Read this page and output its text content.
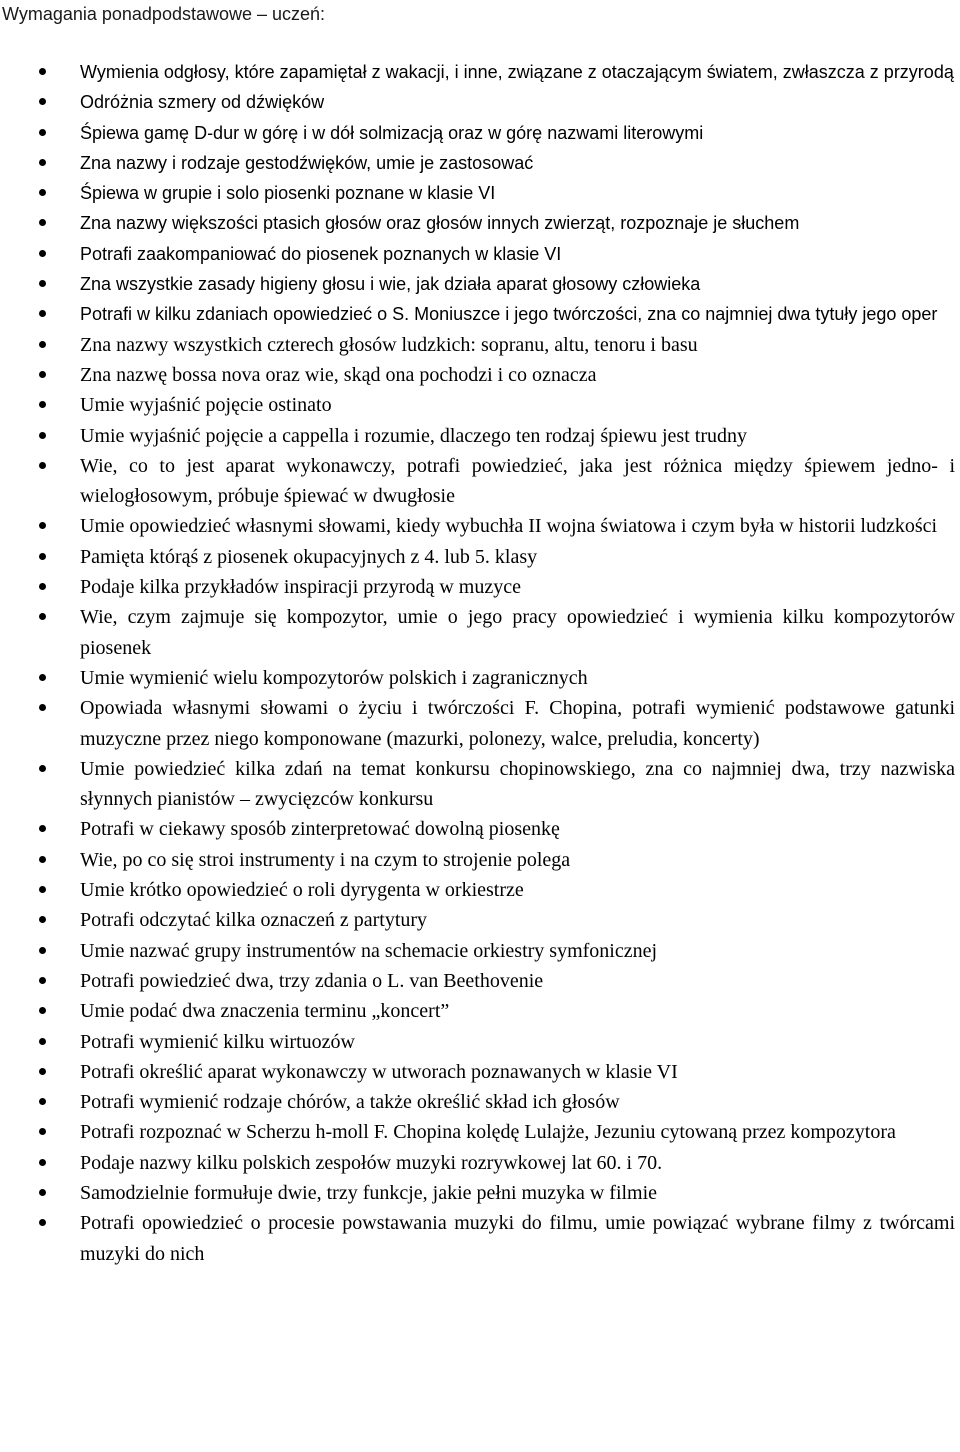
Wymagania ponadpodstawowe – uczeń:
Wymienia odgłosy, które zapamiętał z wakacji, i inne, związane z otaczającym światem, zwłaszcza z przyrodą
Odróżnia szmery od dźwięków
Śpiewa gamę D-dur w górę i w dół solmizacją oraz w górę nazwami literowymi
Zna nazwy i rodzaje gestodźwięków, umie je zastosować
Śpiewa w grupie i solo piosenki poznane w klasie VI
Zna nazwy większości ptasich głosów oraz głosów innych zwierząt, rozpoznaje je słuchem
Potrafi zaakompaniować do piosenek poznanych w klasie VI
Zna wszystkie zasady higieny głosu i wie, jak działa aparat głosowy człowieka
Potrafi w kilku zdaniach opowiedzieć o S. Moniuszce i jego twórczości, zna co najmniej dwa tytuły jego oper
Zna nazwy wszystkich czterech głosów ludzkich: sopranu, altu, tenoru i basu
Zna nazwę bossa nova oraz wie, skąd ona pochodzi i co oznacza
Umie wyjaśnić pojęcie ostinato
Umie wyjaśnić pojęcie a cappella i rozumie, dlaczego ten rodzaj śpiewu jest trudny
Wie, co to jest aparat wykonawczy, potrafi powiedzieć, jaka jest różnica między śpiewem jedno- i wielogłosowym, próbuje śpiewać w dwugłosie
Umie opowiedzieć własnymi słowami, kiedy wybuchła II wojna światowa i czym była w historii ludzkości
Pamięta którąś z piosenek okupacyjnych z 4. lub 5. klasy
Podaje kilka przykładów inspiracji przyrodą w muzyce
Wie, czym zajmuje się kompozytor, umie o jego pracy opowiedzieć i wymienia kilku kompozytorów piosenek
Umie wymienić wielu kompozytorów polskich i zagranicznych
Opowiada własnymi słowami o życiu i twórczości F. Chopina, potrafi wymienić podstawowe gatunki muzyczne przez niego komponowane (mazurki, polonezy, walce, preludia, koncerty)
Umie powiedzieć kilka zdań na temat konkursu chopinowskiego, zna co najmniej dwa, trzy nazwiska słynnych pianistów – zwycięzców konkursu
Potrafi w ciekawy sposób zinterpretować dowolną piosenkę
Wie, po co się stroi instrumenty i na czym to strojenie polega
Umie krótko opowiedzieć o roli dyrygenta w orkiestrze
Potrafi odczytać kilka oznaczeń z partytury
Umie nazwać grupy instrumentów na schemacie orkiestry symfonicznej
Potrafi powiedzieć dwa, trzy zdania o L. van Beethovenie
Umie podać dwa znaczenia terminu „koncert”
Potrafi wymienić kilku wirtuozów
Potrafi określić aparat wykonawczy w utworach poznawanych w klasie VI
Potrafi wymienić rodzaje chórów, a także określić skład ich głosów
Potrafi rozpoznać w Scherzu h-moll F. Chopina kolędę Lulajże, Jezuniu cytowaną przez kompozytora
Podaje nazwy kilku polskich zespołów muzyki rozrywkowej lat 60. i 70.
Samodzielnie formułuje dwie, trzy funkcje, jakie pełni muzyka w filmie
Potrafi opowiedzieć o procesie powstawania muzyki do filmu, umie powiązać wybrane filmy z twórcami muzyki do nich
